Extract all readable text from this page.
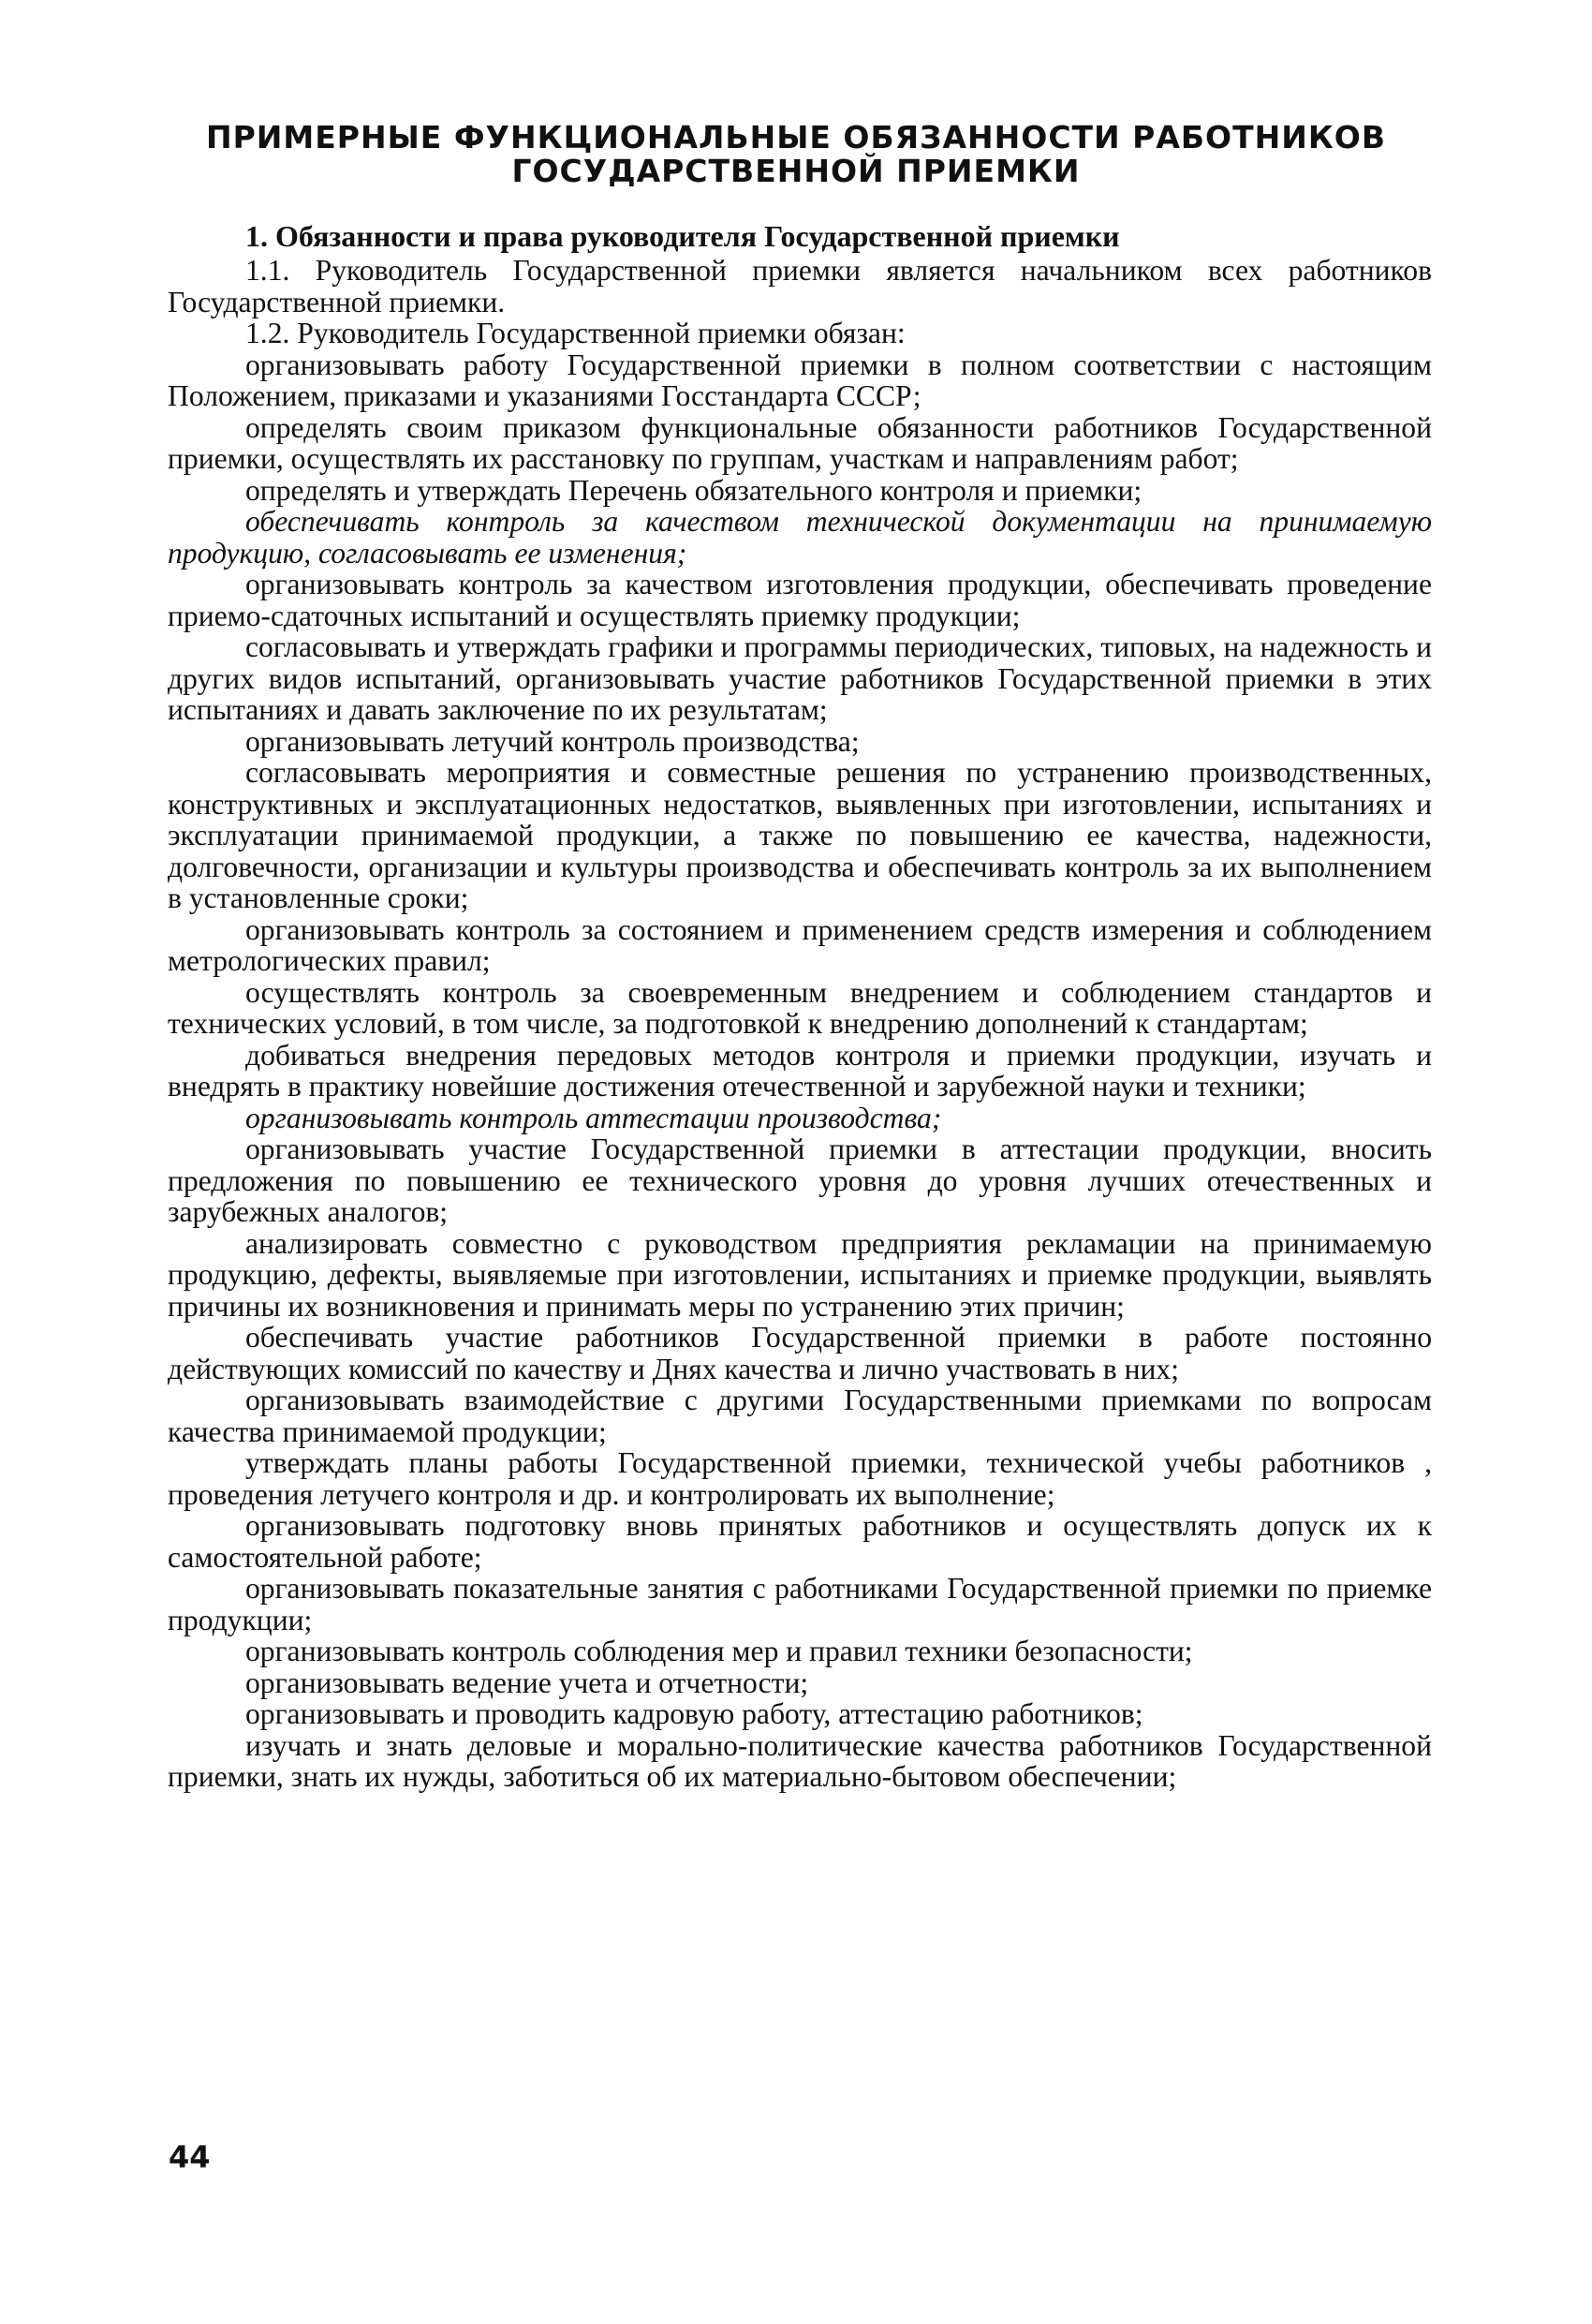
ПРИМЕРНЫЕ ФУНКЦИОНАЛЬНЫЕ ОБЯЗАННОСТИ РАБОТНИКОВ
ГОСУДАРСТВЕННОЙ ПРИЕМКИ
1. Обязанности и права руководителя Государственной приемки

1.1. Руководитель Государственной приемки является начальником всех работников Государственной приемки.

1.2. Руководитель Государственной приемки обязан:

организовывать работу Государственной приемки в полном соответствии с настоящим Положением, приказами и указаниями Госстандарта СССР;

определять своим приказом функциональные обязанности работников Государственной приемки, осуществлять их расстановку по группам, участкам и направлениям работ;

определять и утверждать Перечень обязательного контроля и приемки;

обеспечивать контроль за качеством технической документации на принимаемую продукцию, согласовывать ее изменения;

организовывать контроль за качеством изготовления продукции, обеспечивать проведение приемо-сдаточных испытаний и осуществлять приемку продукции;

согласовывать и утверждать графики и программы периодических, типовых, на надежность и других видов испытаний, организовывать участие работников Государственной приемки в этих испытаниях и давать заключение по их результатам;

организовывать летучий контроль производства;

согласовывать мероприятия и совместные решения по устранению производственных, конструктивных и эксплуатационных недостатков, выявленных при изготовлении, испытаниях и эксплуатации принимаемой продукции, а также по повышению ее качества, надежности, долговечности, организации и культуры производства и обеспечивать контроль за их выполнением в установленные сроки;

организовывать контроль за состоянием и применением средств измерения и соблюдением метрологических правил;

осуществлять контроль за своевременным внедрением и соблюдением стандартов и технических условий, в том числе, за подготовкой к внедрению дополнений к стандартам;

добиваться внедрения передовых методов контроля и приемки продукции, изучать и внедрять в практику новейшие достижения отечественной и зарубежной науки и техники;

организовывать контроль аттестации производства;

организовывать участие Государственной приемки в аттестации продукции, вносить предложения по повышению ее технического уровня до уровня лучших отечественных и зарубежных аналогов;

анализировать совместно с руководством предприятия рекламации на принимаемую продукцию, дефекты, выявляемые при изготовлении, испытаниях и приемке продукции, выявлять причины их возникновения и принимать меры по устранению этих причин;

обеспечивать участие работников Государственной приемки в работе постоянно действующих комиссий по качеству и Днях качества и лично участвовать в них;

организовывать взаимодействие с другими Государственными приемками по вопросам качества принимаемой продукции;

утверждать планы работы Государственной приемки, технической учебы работников , проведения летучего контроля и др. и контролировать их выполнение;

организовывать подготовку вновь принятых работников и осуществлять допуск их к самостоятельной работе;

организовывать показательные занятия с работниками Государственной приемки по приемке продукции;

организовывать контроль соблюдения мер и правил техники безопасности;

организовывать ведение учета и отчетности;

организовывать и проводить кадровую работу, аттестацию работников;

изучать и знать деловые и морально-политические качества работников Государственной приемки, знать их нужды, заботиться об их материально-бытовом обеспечении;

44
